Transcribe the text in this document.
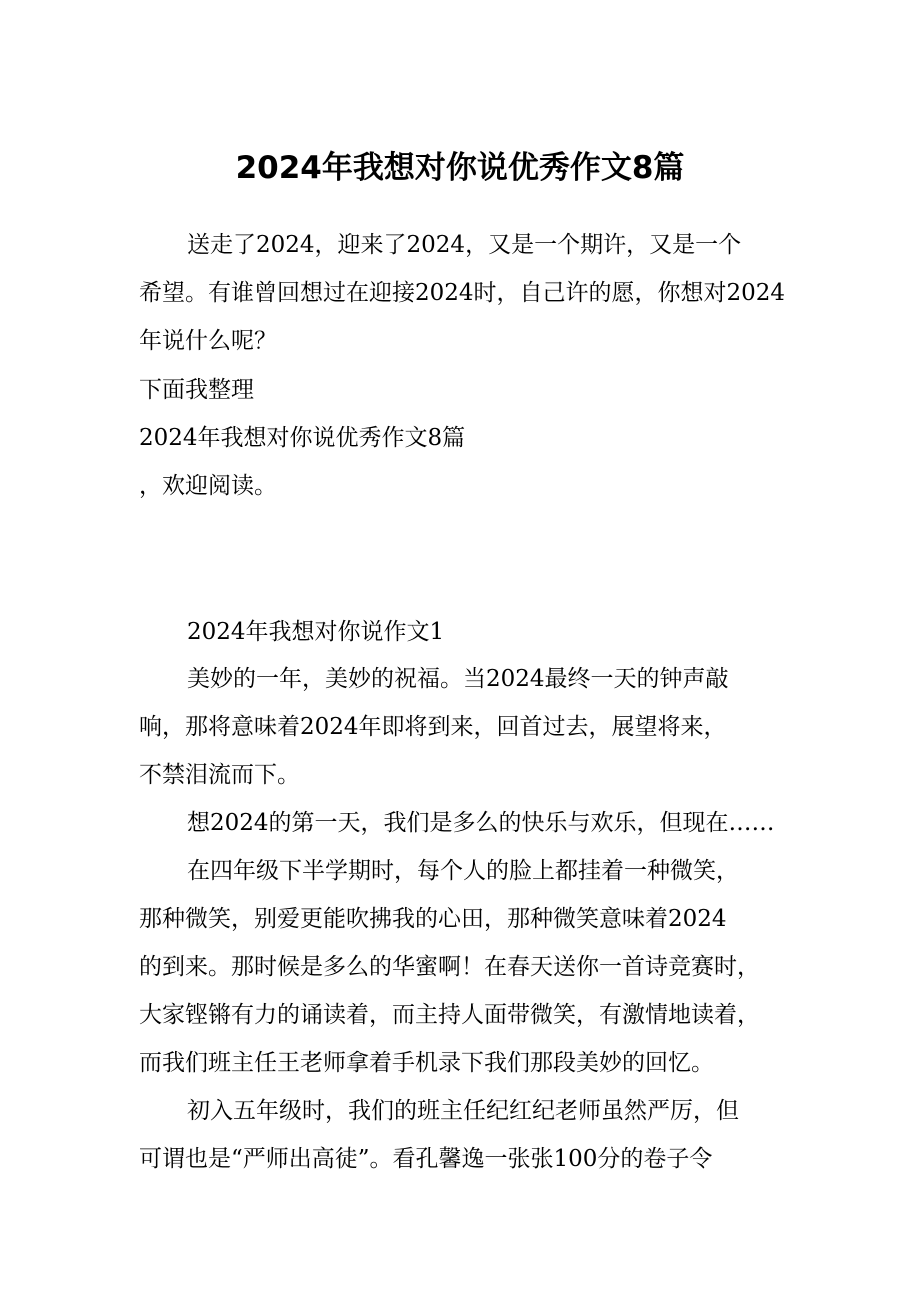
2024年我想对你说优秀作文8篇
送走了2024，迎来了2024，又是一个期许，又是一个
希望。有谁曾回想过在迎接2024时，自己许的愿，你想对2024
年说什么呢？
下面我整理
2024年我想对你说优秀作文8篇
，欢迎阅读。
2024年我想对你说作文1
美妙的一年，美妙的祝福。当2024最终一天的钟声敲
响，那将意味着2024年即将到来，回首过去，展望将来，
不禁泪流而下。
想2024的第一天，我们是多么的快乐与欢乐，但现在……
在四年级下半学期时，每个人的脸上都挂着一种微笑，
那种微笑，别爱更能吹拂我的心田，那种微笑意味着2024
的到来。那时候是多么的华蜜啊！在春天送你一首诗竞赛时，
大家铿锵有力的诵读着，而主持人面带微笑，有激情地读着，
而我们班主任王老师拿着手机录下我们那段美妙的回忆。
初入五年级时，我们的班主任纪红纪老师虽然严厉，但
可谓也是“严师出高徒”。看孔馨逸一张张100分的卷子令
